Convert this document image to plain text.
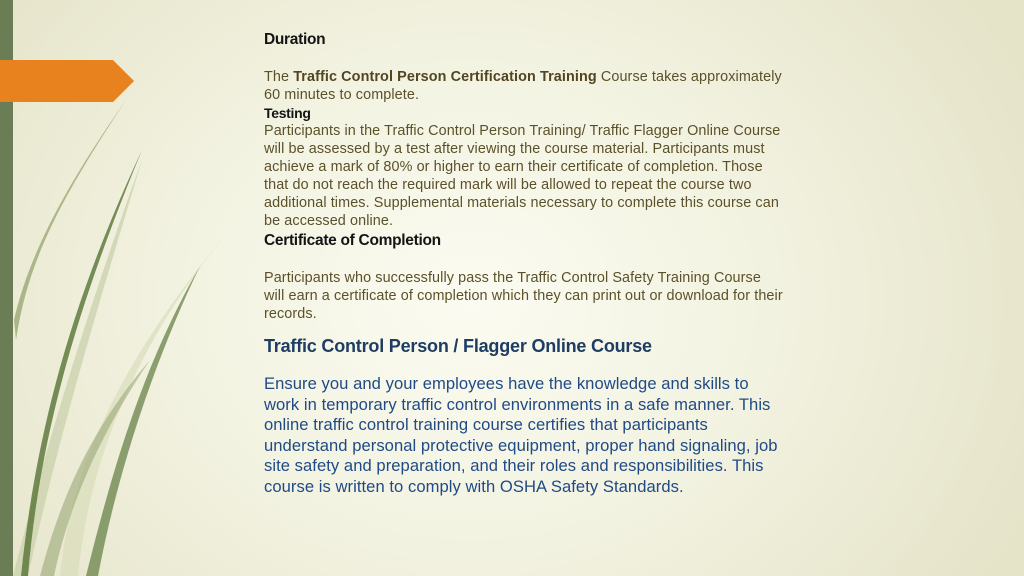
Duration

The Traffic Control Person Certification Training Course takes approximately 60 minutes to complete.

Testing

Participants in the Traffic Control Person Training/ Traffic Flagger Online Course will be assessed by a test after viewing the course material. Participants must achieve a mark of 80% or higher to earn their certificate of completion. Those that do not reach the required mark will be allowed to repeat the course two additional times. Supplemental materials necessary to complete this course can be accessed online.

Certificate of Completion

Participants who successfully pass the Traffic Control Safety Training Course will earn a certificate of completion which they can print out or download for their records.

Traffic Control Person / Flagger Online Course

Ensure you and your employees have the knowledge and skills to work in temporary traffic control environments in a safe manner. This online traffic control training course certifies that participants understand personal protective equipment, proper hand signaling, job site safety and preparation, and their roles and responsibilities. This course is written to comply with OSHA Safety Standards.
